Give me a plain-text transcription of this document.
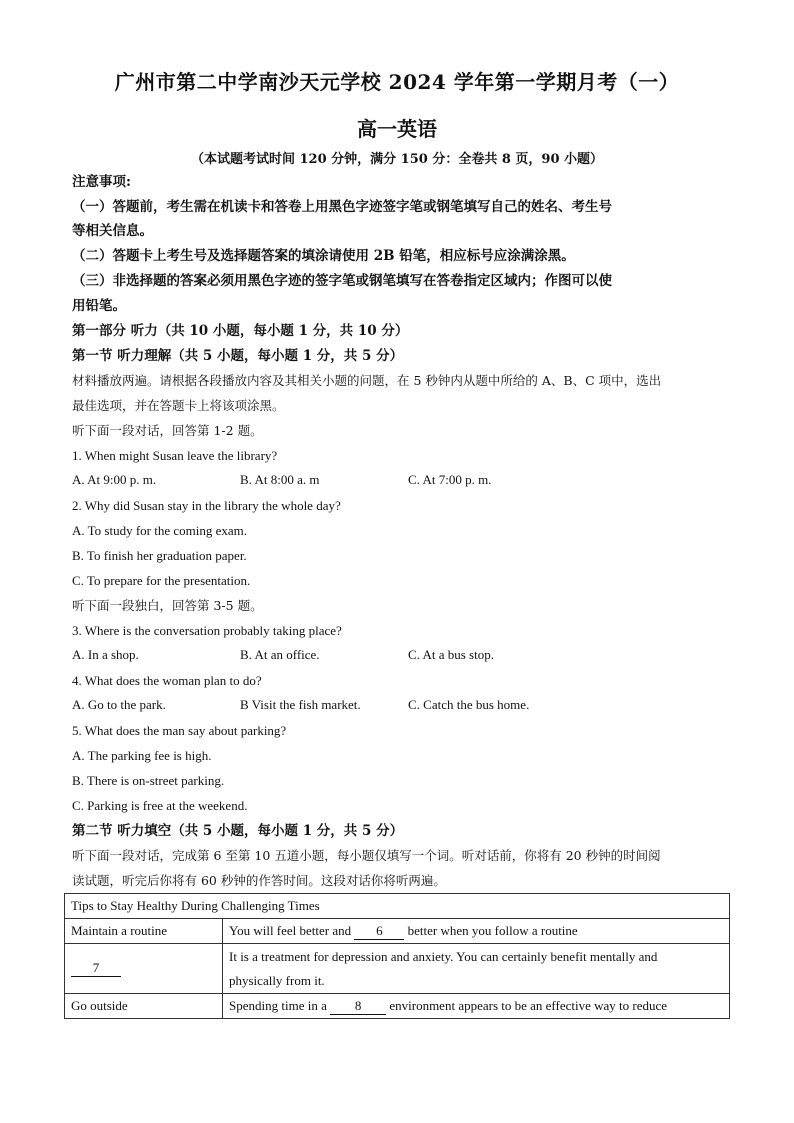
广州市第二中学南沙天元学校 2024 学年第一学期月考（一）
高一英语
（本试题考试时间 120 分钟，满分 150 分：全卷共 8 页，90 小题）
注意事项:
（一）答题前，考生需在机读卡和答卷上用黑色字迹签字笔或钢笔填写自己的姓名、考生号
等相关信息。
（二）答题卡上考生号及选择题答案的填涂请使用 2B 铅笔，相应标号应涂满涂黑。
（三）非选择题的答案必须用黑色字迹的签字笔或钢笔填写在答卷指定区域内；作图可以使
用铅笔。
第一部分 听力（共 10 小题，每小题 1 分，共 10 分）
第一节 听力理解（共 5 小题，每小题 1 分，共 5 分）
材料播放两遍。请根据各段播放内容及其相关小题的问题，在 5 秒钟内从题中所给的 A、B、C 项中，选出
最佳选项，并在答题卡上将该项涂黑。
听下面一段对话，回答第 1-2 题。
1. When might Susan leave the library?
A. At 9:00 p. m.	B. At 8:00 a. m	C. At 7:00 p. m.
2. Why did Susan stay in the library the whole day?
A. To study for the coming exam.
B. To finish her graduation paper.
C. To prepare for the presentation.
听下面一段独白，回答第 3-5 题。
3. Where is the conversation probably taking place?
A. In a shop.	B. At an office.	C. At a bus stop.
4. What does the woman plan to do?
A. Go to the park.	B Visit the fish market.	C. Catch the bus home.
5. What does the man say about parking?
A. The parking fee is high.
B. There is on-street parking.
C. Parking is free at the weekend.
第二节 听力填空（共 5 小题，每小题 1 分，共 5 分）
听下面一段对话，完成第 6 至第 10 五道小题，每小题仅填写一个词。听对话前，你将有 20 秒钟的时间阅
读试题，听完后你将有 60 秒钟的作答时间。这段对话你将听两遍。
Tips to Stay Healthy During Challenging Times	
Maintain a routine	You will feel better and 6 better when you follow a routine
7	It is a treatment for depression and anxiety. You can certainly benefit mentally and
physically from it.

Go outside	Spending time in a 8 environment appears to be an effective way to reduce
